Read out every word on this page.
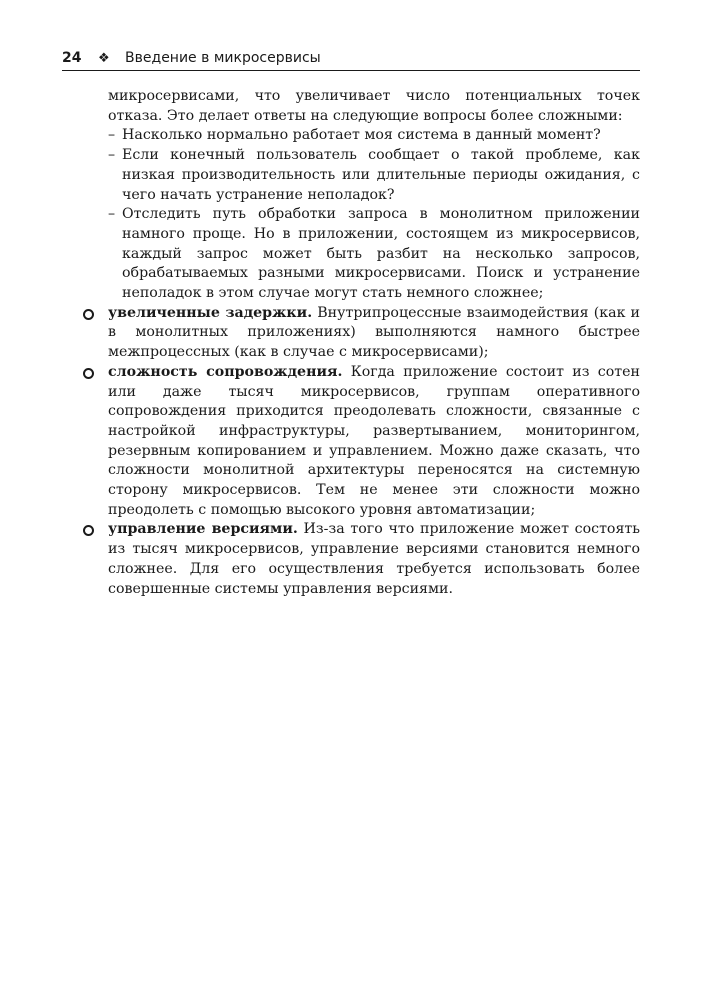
24 ❖ Введение в микросервисы
микросервисами, что увеличивает число потенциальных точек отказа. Это делает ответы на следующие вопросы более сложными:
– Насколько нормально работает моя система в данный момент?
– Если конечный пользователь сообщает о такой проблеме, как низкая производительность или длительные периоды ожидания, с чего начать устранение неполадок?
– Отследить путь обработки запроса в монолитном приложении намного проще. Но в приложении, состоящем из микросервисов, каждый запрос может быть разбит на несколько запросов, обрабатываемых разными микросервисами. Поиск и устранение неполадок в этом случае могут стать немного сложнее;
увеличенные задержки. Внутрипроцессные взаимодействия (как и в монолитных приложениях) выполняются намного быстрее межпроцессных (как в случае с микросервисами);
сложность сопровождения. Когда приложение состоит из сотен или даже тысяч микросервисов, группам оперативного сопровождения приходится преодолевать сложности, связанные с настройкой инфраструктуры, развертыванием, мониторингом, резервным копированием и управлением. Можно даже сказать, что сложности монолитной архитектуры переносятся на системную сторону микросервисов. Тем не менее эти сложности можно преодолеть с помощью высокого уровня автоматизации;
управление версиями. Из-за того что приложение может состоять из тысяч микросервисов, управление версиями становится немного сложнее. Для его осуществления требуется использовать более совершенные системы управления версиями.
